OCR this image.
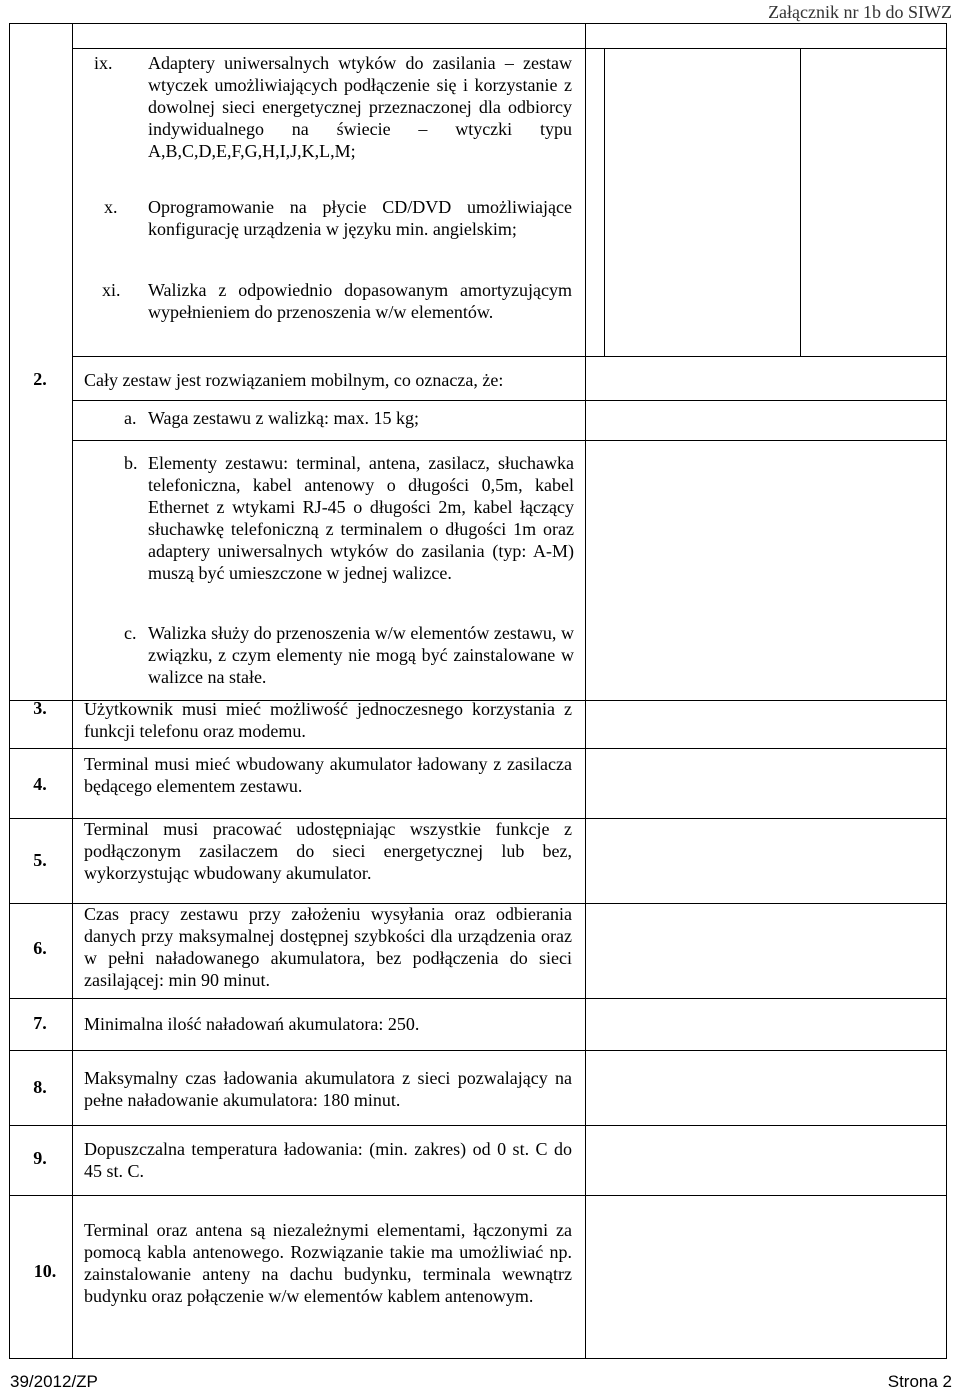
Załącznik nr 1b do SIWZ
ix. Adaptery uniwersalnych wtyków do zasilania – zestaw wtyczek umożliwiających podłączenie się i korzystanie z dowolnej sieci energetycznej przeznaczonej dla odbiorcy indywidualnego na świecie – wtyczki typu A,B,C,D,E,F,G,H,I,J,K,L,M;
x. Oprogramowanie na płycie CD/DVD umożliwiające konfigurację urządzenia w języku min. angielskim;
xi. Walizka z odpowiednio dopasowanym amortyzującym wypełnieniem do przenoszenia w/w elementów.
2.	Cały zestaw jest rozwiązaniem mobilnym, co oznacza, że:
a. Waga zestawu z walizką: max. 15 kg;
b. Elementy zestawu: terminal, antena, zasilacz, słuchawka telefoniczna, kabel antenowy o długości 0,5m, kabel Ethernet z wtykami RJ-45 o długości 2m, kabel łączący słuchawkę telefoniczną z terminalem o długości 1m oraz adaptery uniwersalnych wtyków do zasilania (typ: A-M) muszą być umieszczone w jednej walizce.
c. Walizka służy do przenoszenia w/w elementów zestawu, w związku, z czym elementy nie mogą być zainstalowane w walizce na stałe.
3.	Użytkownik musi mieć możliwość jednoczesnego korzystania z funkcji telefonu oraz modemu.
4.
Terminal musi mieć wbudowany akumulator ładowany z zasilacza będącego elementem zestawu.
5.
Terminal musi pracować udostępniając wszystkie funkcje z podłączonym zasilaczem do sieci energetycznej lub bez, wykorzystując wbudowany akumulator.
6.
Czas pracy zestawu przy założeniu wysyłania oraz odbierania danych przy maksymalnej dostępnej szybkości dla urządzenia oraz w pełni naładowanego akumulatora, bez podłączenia do sieci zasilającej: min 90 minut.
7.	Minimalna ilość naładowań akumulatora: 250.
8.	Maksymalny czas ładowania akumulatora z sieci pozwalający na pełne naładowanie akumulatora: 180 minut.
9.	Dopuszczalna temperatura ładowania: (min. zakres) od 0 st. C do 45 st. C.
10.
Terminal oraz antena są niezależnymi elementami, łączonymi za pomocą kabla antenowego. Rozwiązanie takie ma umożliwiać np. zainstalowanie anteny na dachu budynku, terminala wewnątrz budynku oraz połączenie w/w elementów kablem antenowym.
39/2012/ZP	Strona 2
